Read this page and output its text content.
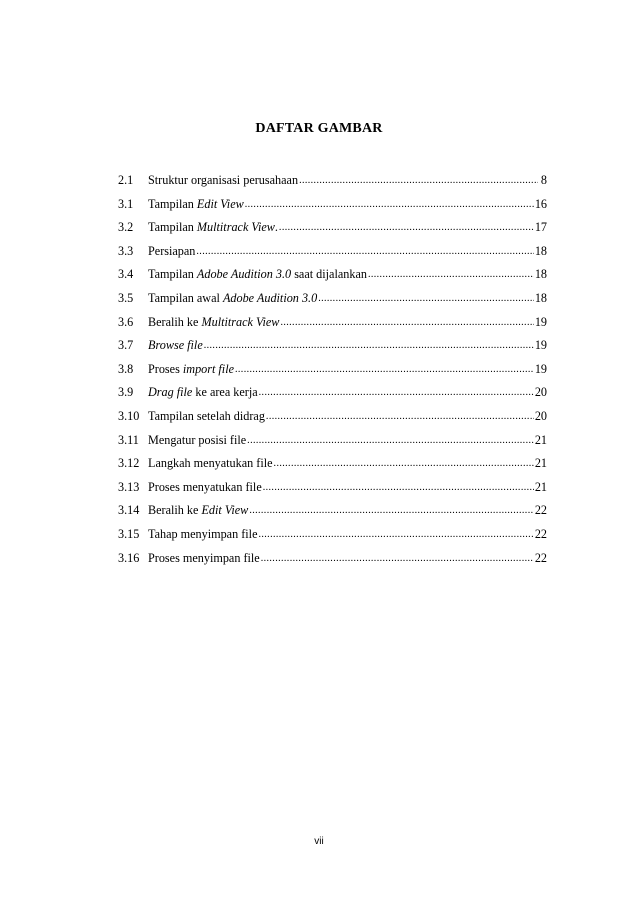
DAFTAR GAMBAR
2.1	Struktur organisasi perusahaan .....	8
3.1	Tampilan Edit View .....	16
3.2	Tampilan Multitrack View. .....	17
3.3	Persiapan .....	18
3.4	Tampilan Adobe Audition 3.0 saat dijalankan .....	18
3.5	Tampilan awal Adobe Audition 3.0 .....	18
3.6	Beralih ke Multitrack View .....	19
3.7	Browse file .....	19
3.8	Proses import file .....	19
3.9	Drag file ke area kerja .....	20
3.10 Tampilan setelah didrag .....	20
3.11 Mengatur posisi file .....	21
3.12 Langkah menyatukan file .....	21
3.13 Proses menyatukan file .....	21
3.14 Beralih ke Edit View .....	22
3.15 Tahap menyimpan file .....	22
3.16 Proses menyimpan file .....	22
vii
